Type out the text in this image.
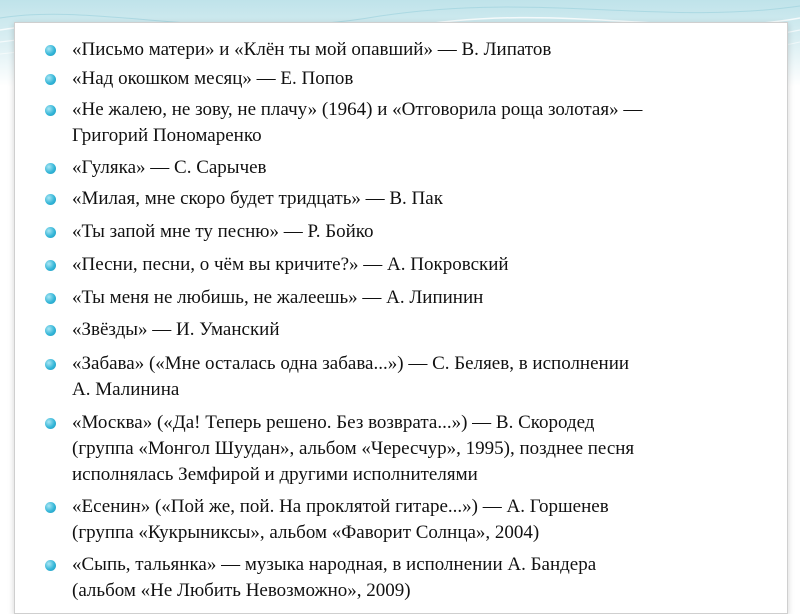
«Письмо матери» и «Клён ты мой опавший» — В. Липатов
«Над окошком месяц» — Е. Попов
«Не жалею, не зову, не плачу» (1964) и «Отговорила роща золотая» —
Григорий Пономаренко
«Гуляка» — С. Сарычев
«Милая, мне скоро будет тридцать» — В. Пак
«Ты запой мне ту песню» — Р. Бойко
«Песни, песни, о чём вы кричите?» — А. Покровский
«Ты меня не любишь, не жалеешь» — А. Липинин
«Звёзды» — И. Уманский
«Забава» («Мне осталась одна забава...») — С. Беляев, в исполнении
А. Малинина
«Москва» («Да! Теперь решено. Без возврата...») — В. Скородед
(группа «Монгол Шуудан», альбом «Чересчур», 1995), позднее песня
исполнялась Земфирой и другими исполнителями
«Есенин» («Пой же, пой. На проклятой гитаре...») — А. Горшенев
(группа «Кукрыниксы», альбом «Фаворит Солнца», 2004)
«Сыпь, тальянка» — музыка народная, в исполнении А. Бандера
(альбом «Не Любить Невозможно», 2009)
